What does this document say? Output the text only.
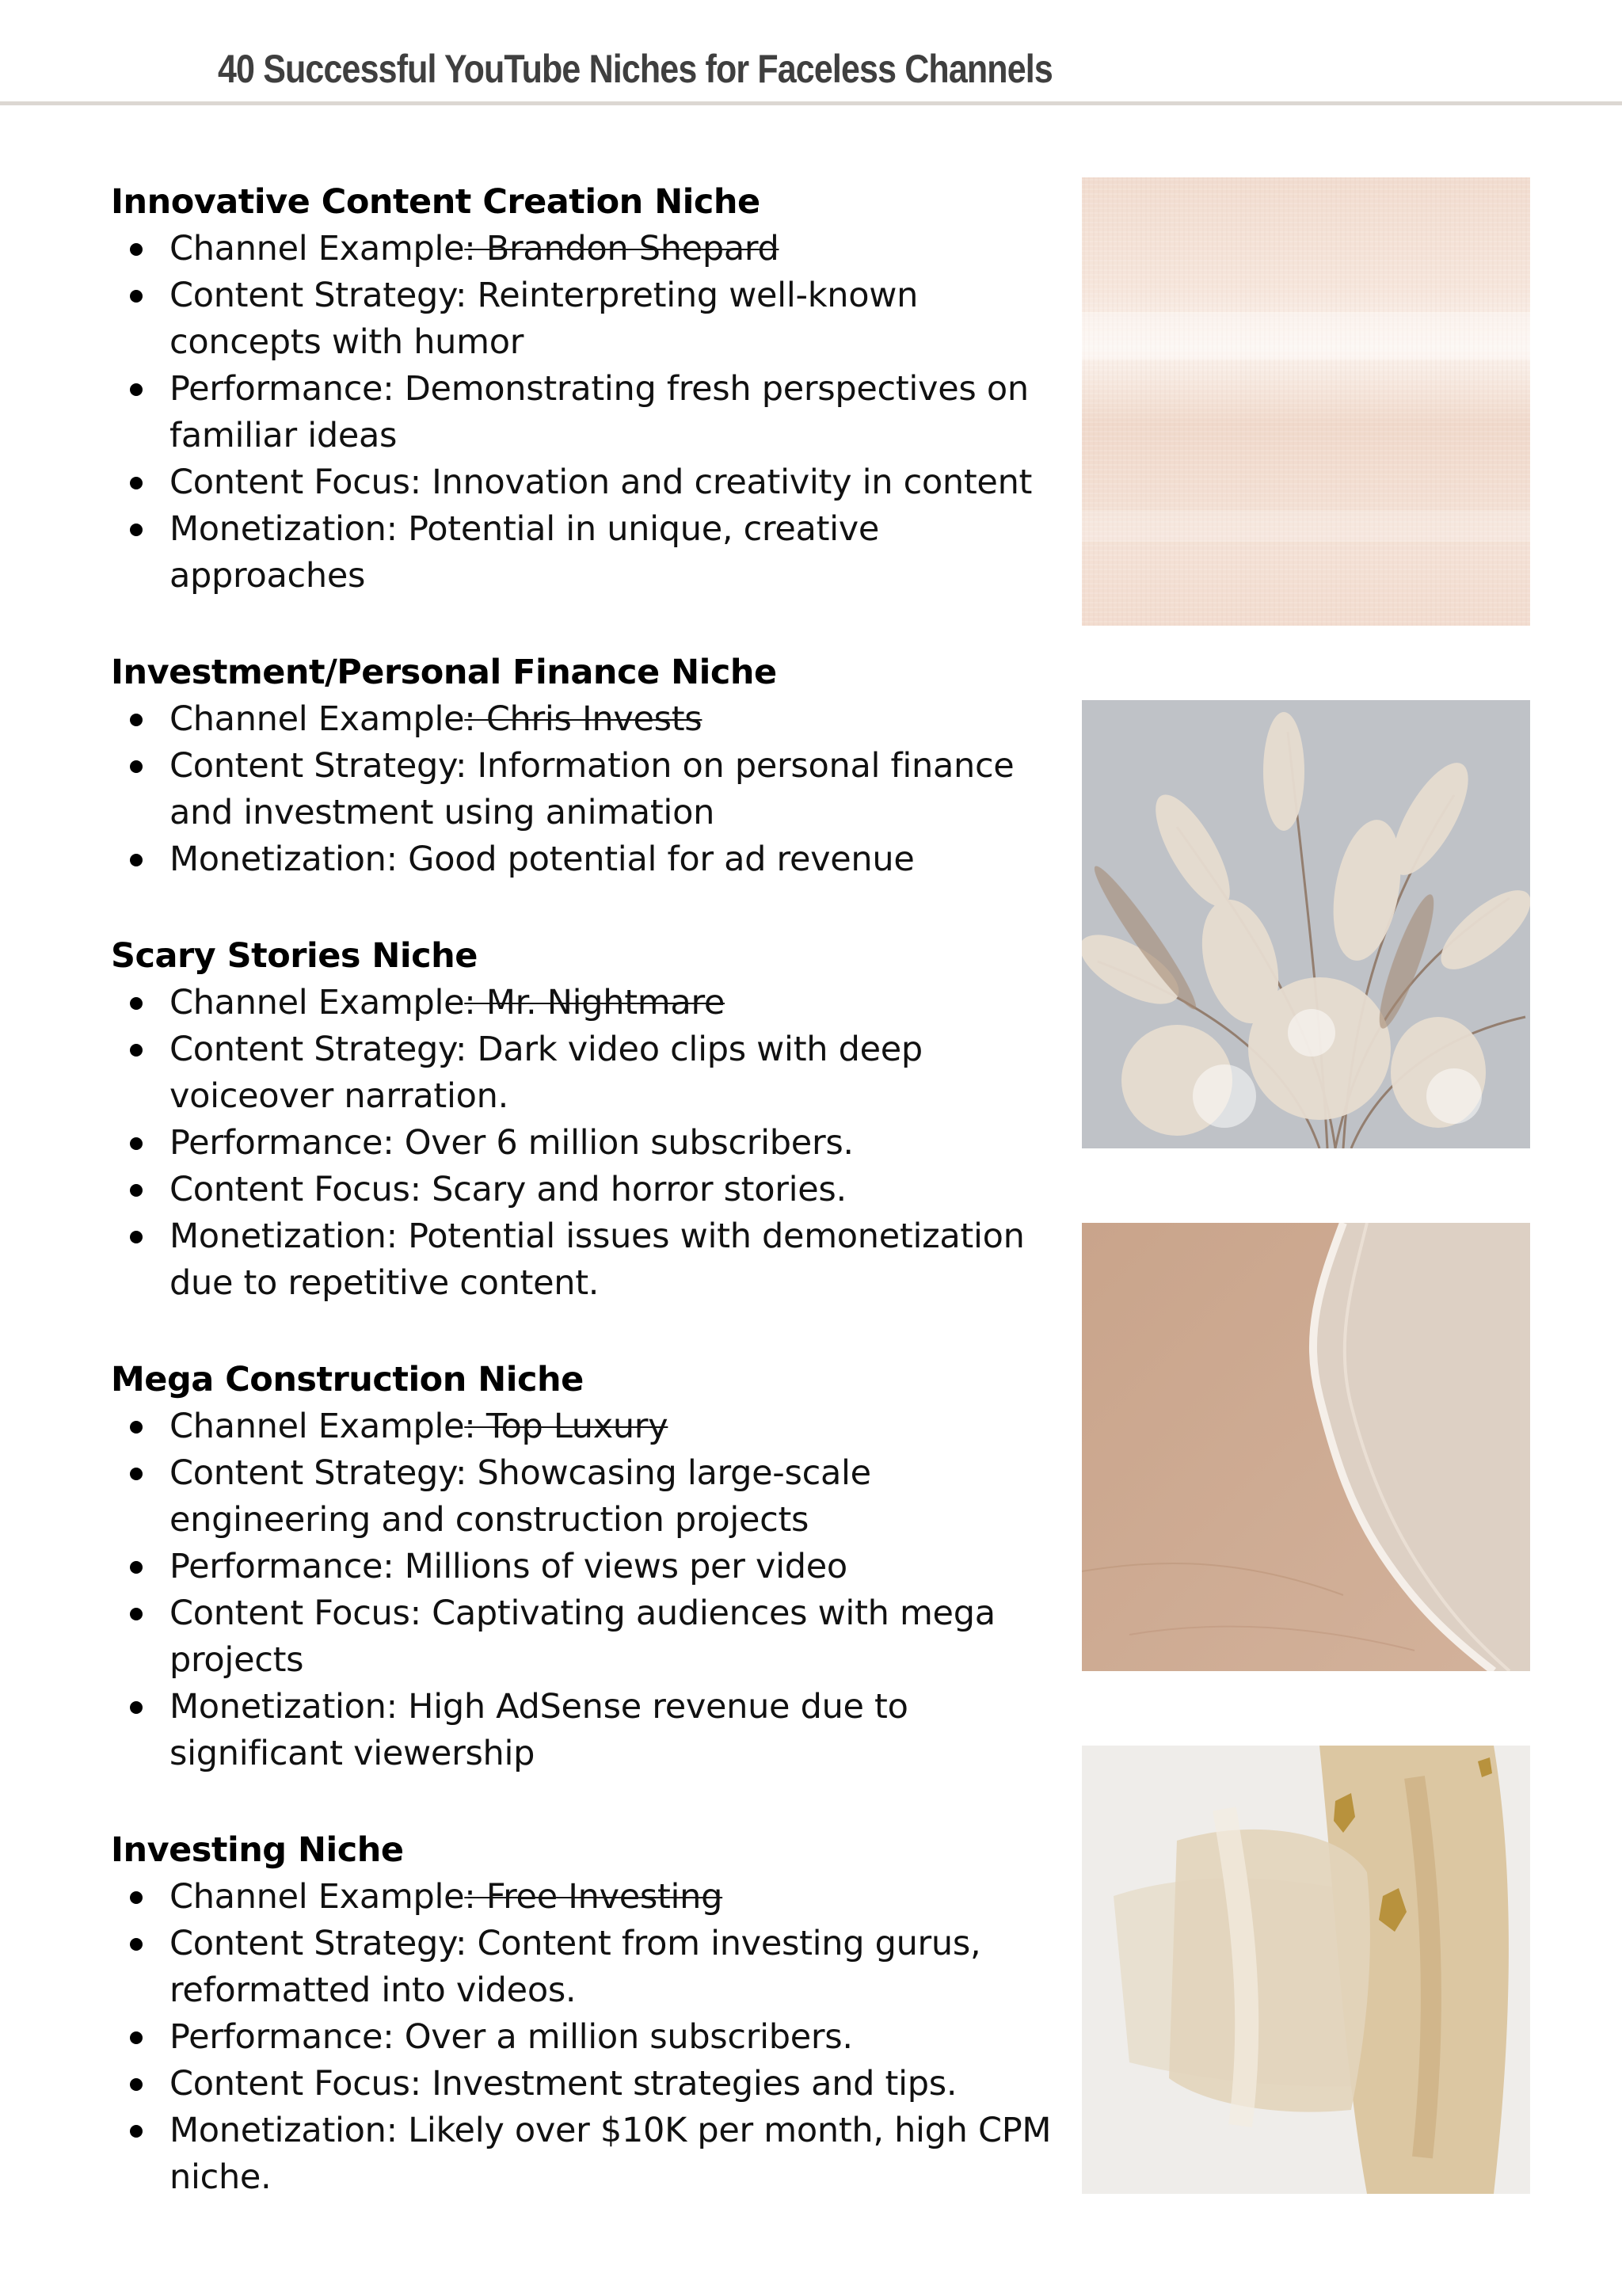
40 Successful YouTube Niches for Faceless Channels
Innovative Content Creation Niche
Channel Example: Brandon Shepard
Content Strategy: Reinterpreting well-known concepts with humor
Performance: Demonstrating fresh perspectives on familiar ideas
Content Focus: Innovation and creativity in content
Monetization: Potential in unique, creative approaches
Investment/Personal Finance Niche
Channel Example: Chris Invests
Content Strategy: Information on personal finance and investment using animation
Monetization: Good potential for ad revenue
Scary Stories Niche
Channel Example: Mr. Nightmare
Content Strategy: Dark video clips with deep voiceover narration.
Performance: Over 6 million subscribers.
Content Focus: Scary and horror stories.
Monetization: Potential issues with demonetization due to repetitive content.
Mega Construction Niche
Channel Example: Top Luxury
Content Strategy: Showcasing large-scale engineering and construction projects
Performance: Millions of views per video
Content Focus: Captivating audiences with mega projects
Monetization: High AdSense revenue due to significant viewership
Investing Niche
Channel Example: Free Investing
Content Strategy: Content from investing gurus, reformatted into videos.
Performance: Over a million subscribers.
Content Focus: Investment strategies and tips.
Monetization: Likely over $10K per month, high CPM niche.
